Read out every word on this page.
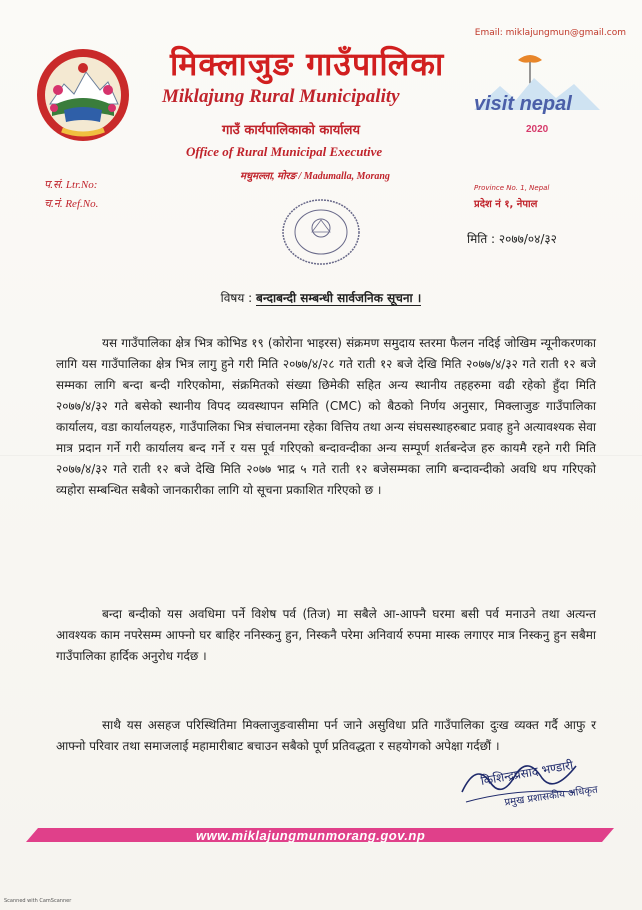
Email: miklajungmun@gmail.com
मिक्लाजुङ गाउँपालिका
Miklajung Rural Municipality
गाउँ कार्यपालिकाको कार्यालय
Office of Rural Municipal Executive
मधुमल्ला, मोरङ / Madumalla, Morang
visit nepal
2020
प.सं. Ltr.No:
च.नं. Ref.No.
Province No. 1, Nepal
प्रदेश नं १, नेपाल
मिति : २०७७/०४/३२
विषय : बन्दाबन्दी सम्बन्धी सार्वजनिक सूचना ।
यस गाउँपालिका क्षेत्र भित्र कोभिड १९ (कोरोना भाइरस) संक्रमण समुदाय स्तरमा फैलन नदिई जोखिम न्यूनीकरणका लागि यस गाउँपालिका क्षेत्र भित्र लागु हुने गरी मिति २०७७/४/२८ गते राती १२ बजे देखि मिति २०७७/४/३२ गते राती १२ बजे सम्मका लागि बन्दा बन्दी गरिएकोमा, संक्रमितको संख्या छिमेकी सहित अन्य स्थानीय तहहरुमा वढी रहेको हुँदा मिति २०७७/४/३२ गते बसेको स्थानीय विपद व्यवस्थापन समिति (CMC) को बैठको निर्णय अनुसार, मिक्लाजुङ गाउँपालिका कार्यालय, वडा कार्यालयहरु, गाउँपालिका भित्र संचालनमा रहेका वित्तिय तथा अन्य संघसस्थाहरुबाट प्रवाह हुने अत्यावश्यक सेवा मात्र प्रदान गर्ने गरी कार्यालय बन्द गर्ने र यस पूर्व गरिएको बन्दावन्दीका अन्य सम्पूर्ण शर्तबन्देज हरु कायमै रहने गरी मिति २०७७/४/३२ गते राती १२ बजे देखि मिति २०७७ भाद्र ५ गते राती १२ बजेसम्मका लागि बन्दावन्दीको अवधि थप गरिएको व्यहोरा सम्बन्धित सबैको जानकारीका लागि यो सूचना प्रकाशित गरिएको छ ।
बन्दा बन्दीको यस अवधिमा पर्ने विशेष पर्व (तिज) मा सबैले आ-आफ्नै घरमा बसी पर्व मनाउने तथा अत्यन्त आवश्यक काम नपरेसम्म आफ्नो घर बाहिर ननिस्कनु हुन, निस्कनै परेमा अनिवार्य रुपमा मास्क लगाएर मात्र निस्कनु हुन सबैमा गाउँपालिका हार्दिक अनुरोध गर्दछ ।
साथै यस असहज परिस्थितिमा मिक्लाजुङवासीमा पर्न जाने असुविधा प्रति गाउँपालिका दुःख व्यक्त गर्दै आफु र आफ्नो परिवार तथा समाजलाई महामारीबाट बचाउन सबैको पूर्ण प्रतिवद्धता र सहयोगको अपेक्षा गर्दछौं ।
किशिन्द्रप्रसाद भण्डारी
प्रमुख प्रशासकीय अधिकृत
www.miklajungmunmorang.gov.np
Scanned with CamScanner
